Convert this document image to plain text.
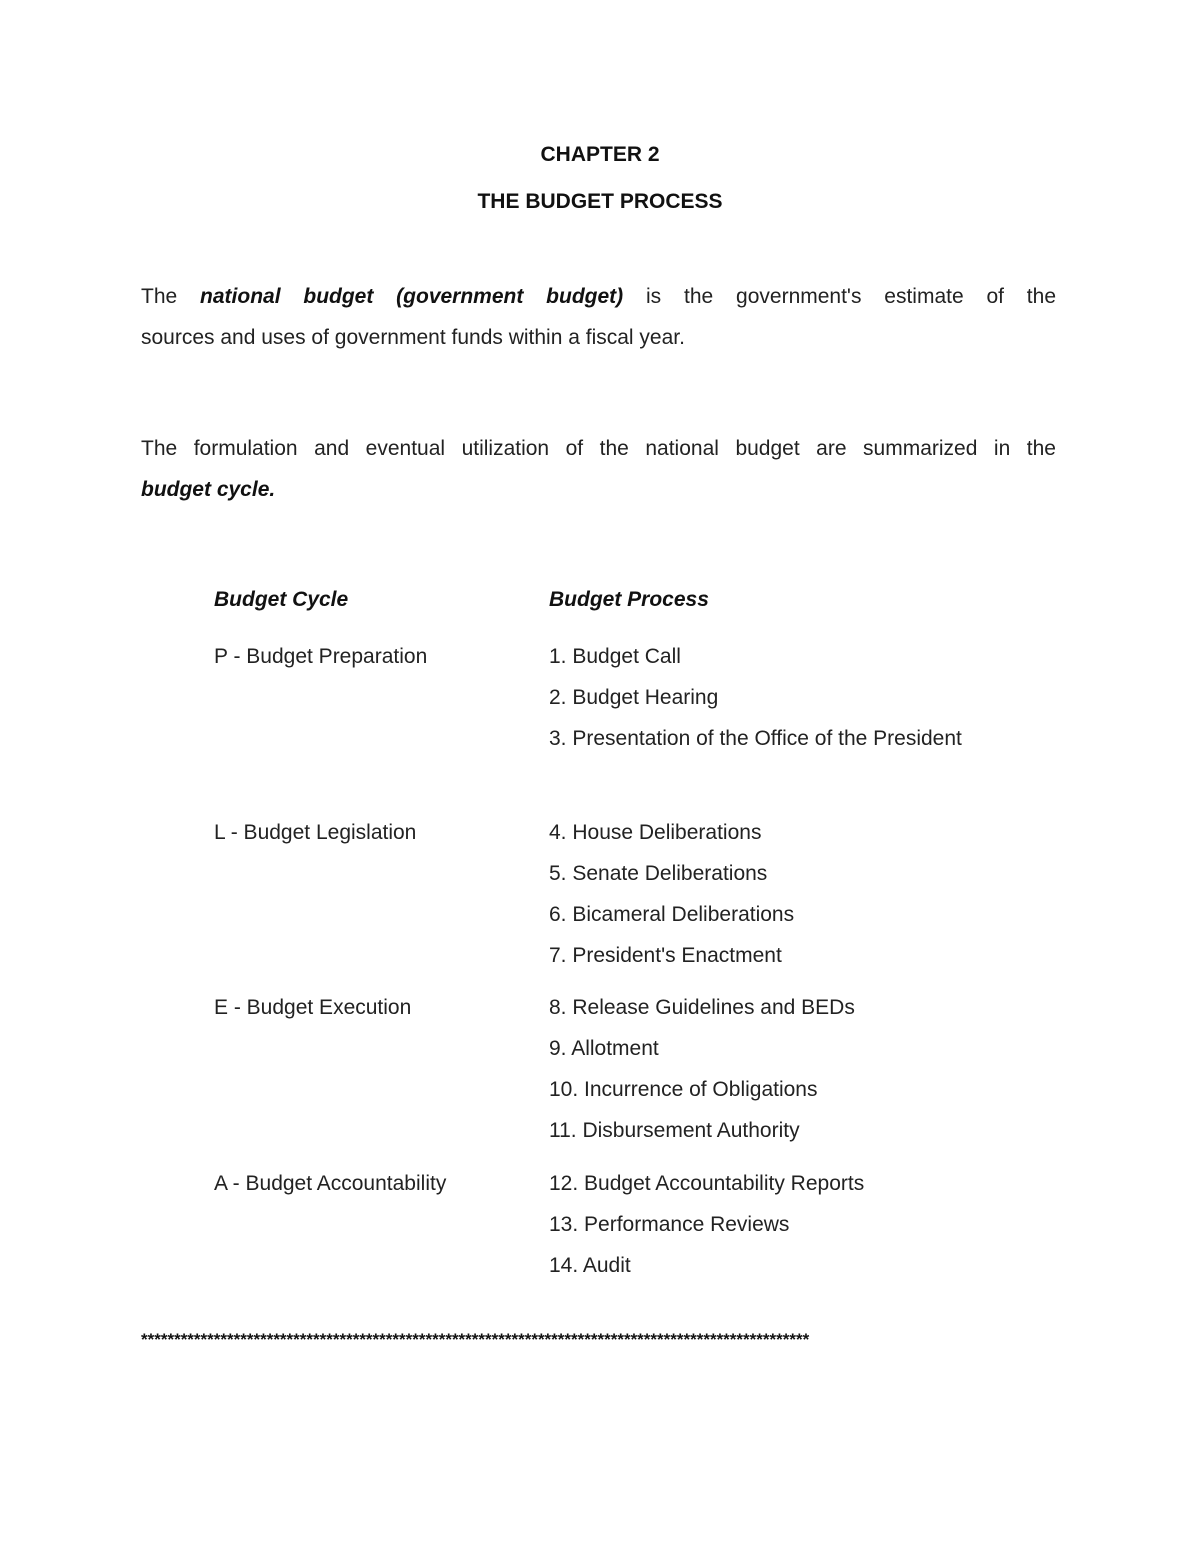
CHAPTER 2
THE BUDGET PROCESS
The national budget (government budget) is the government's estimate of the
sources and uses of government funds within a fiscal year.
The formulation and eventual utilization of the national budget are summarized in the
budget cycle.
Budget Cycle	Budget Process
P - Budget Preparation	1. Budget Call
2. Budget Hearing
3. Presentation of the Office of the President
L - Budget Legislation	4. House Deliberations
5. Senate Deliberations
6. Bicameral Deliberations
7. President's Enactment
E - Budget Execution	8. Release Guidelines and BEDs
9. Allotment
10. Incurrence of Obligations
11. Disbursement Authority
A - Budget Accountability	12. Budget Accountability Reports
13. Performance Reviews
14. Audit
*****************************************************************************************************
